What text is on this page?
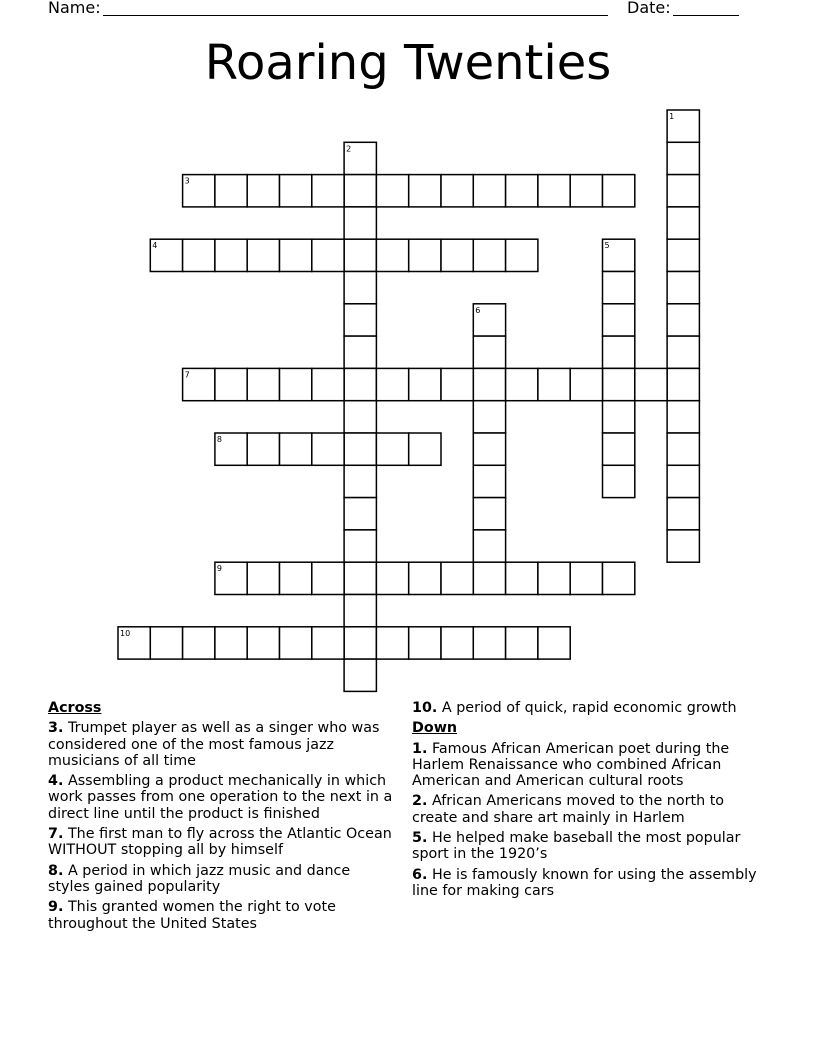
Name:	Date:
Roaring Twenties
1
2
3
4	5
6
7
8
9
10
Across
3. Trumpet player as well as a singer who was considered one of the most famous jazz musicians of all time
4. Assembling a product mechanically in which work passes from one operation to the next in a direct line until the product is finished
7. The first man to fly across the Atlantic Ocean WITHOUT stopping all by himself
8. A period in which jazz music and dance styles gained popularity
9. This granted women the right to vote throughout the United States
10. A period of quick, rapid economic growth
Down
1. Famous African American poet during the Harlem Renaissance who combined African American and American cultural roots
2. African Americans moved to the north to create and share art mainly in Harlem
5. He helped make baseball the most popular sport in the 1920’s
6. He is famously known for using the assembly line for making cars
